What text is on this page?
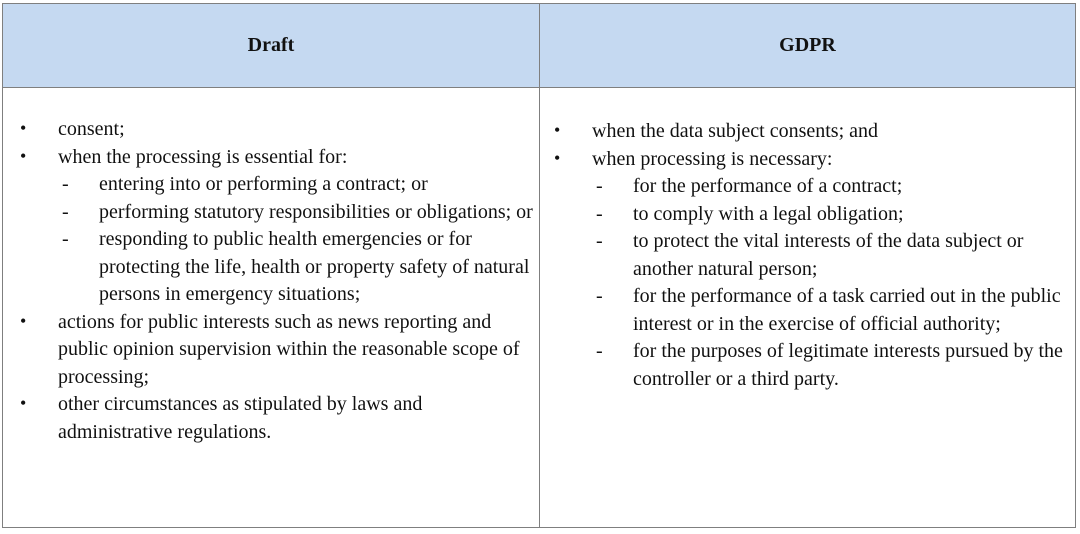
Draft	GDPR
• consent;
• when the processing is essential for:
- entering into or performing a contract; or
- performing statutory responsibilities or obligations; or
- responding to public health emergencies or for protecting the life, health or property safety of natural persons in emergency situations;
• actions for public interests such as news reporting and public opinion supervision within the reasonable scope of processing;
• other circumstances as stipulated by laws and administrative regulations.
• when the data subject consents; and
• when processing is necessary:
- for the performance of a contract;
- to comply with a legal obligation;
- to protect the vital interests of the data subject or another natural person;
- for the performance of a task carried out in the public interest or in the exercise of official authority;
- for the purposes of legitimate interests pursued by the controller or a third party.
